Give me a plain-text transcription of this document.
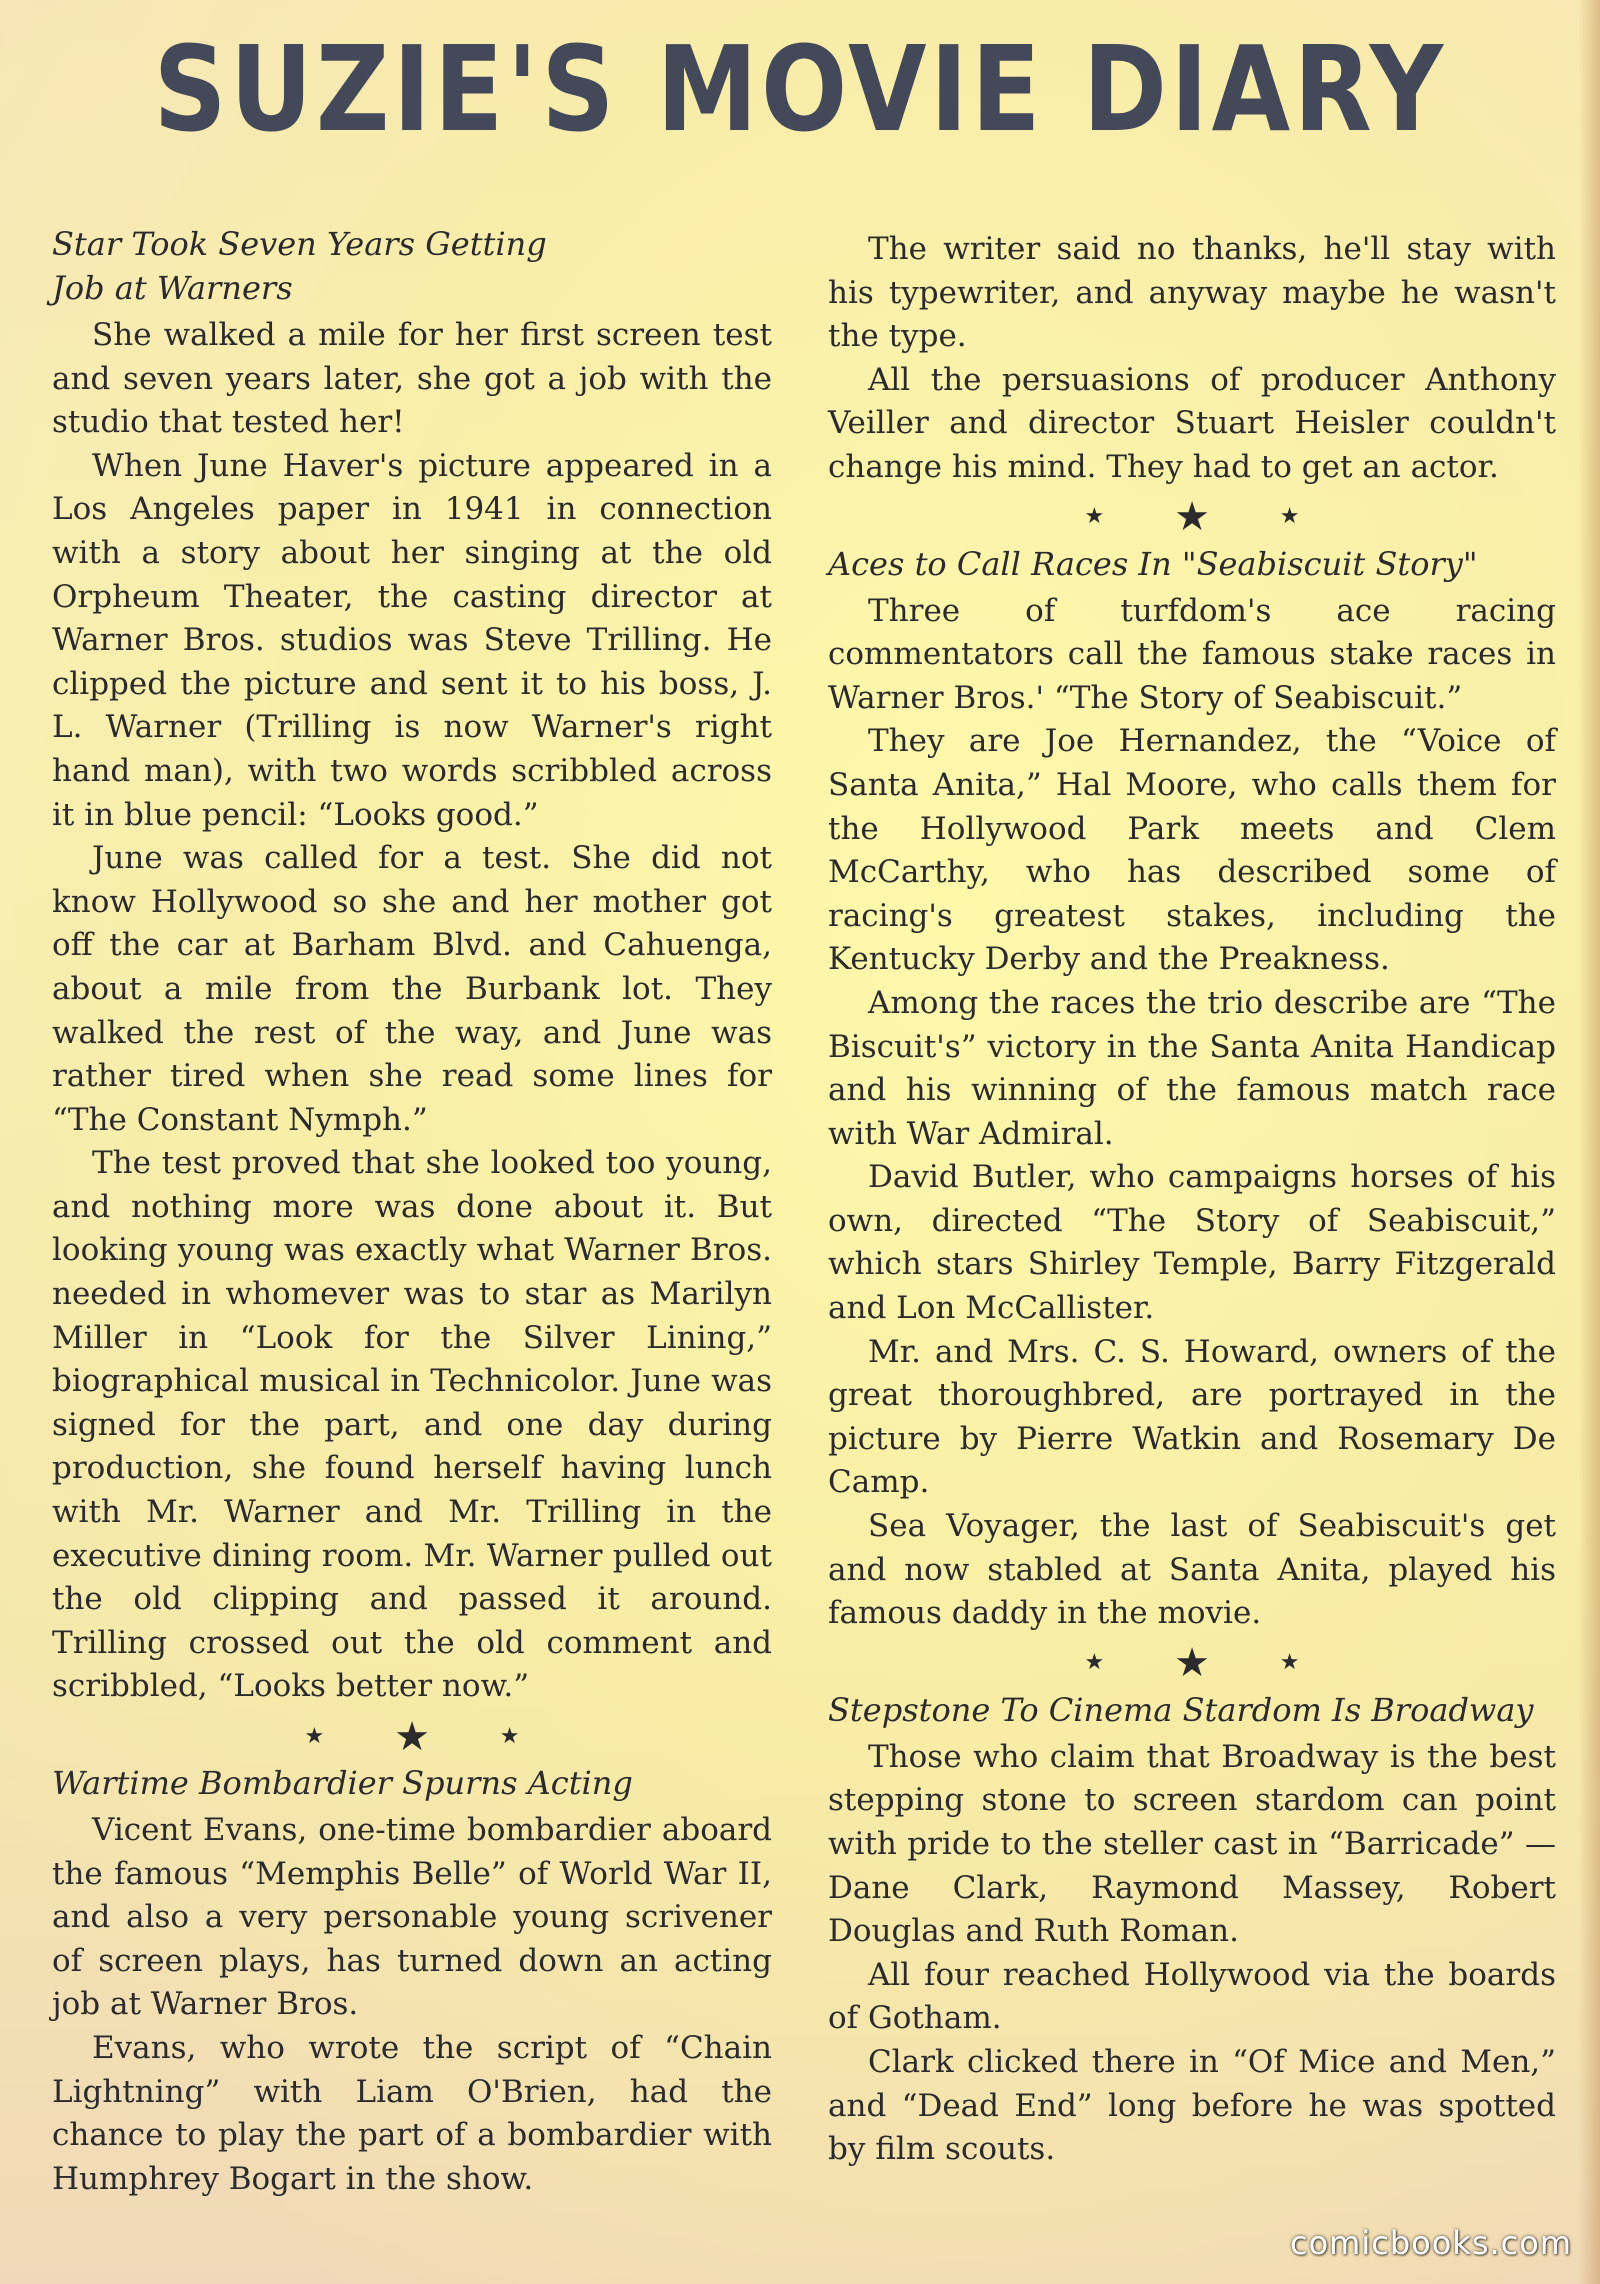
SUZIE'S MOVIE DIARY

Star Took Seven Years Getting

Job at Warners

She walked a mile for her first screen test and seven years later, she got a job with the studio that tested her!

When June Haver's picture appeared in a Los Angeles paper in 1941 in connection with a story about her singing at the old Orpheum Theater, the casting director at Warner Bros. studios was Steve Trilling. He clipped the picture and sent it to his boss, J. L. Warner (Trilling is now Warner's right hand man), with two words scribbled across it in blue pencil: “Looks good.”

June was called for a test. She did not know Hollywood so she and her mother got off the car at Barham Blvd. and Cahuenga, about a mile from the Burbank lot. They walked the rest of the way, and June was rather tired when she read some lines for “The Constant Nymph.”

The test proved that she looked too young, and nothing more was done about it. But looking young was exactly what Warner Bros. needed in whomever was to star as Marilyn Miller in “Look for the Silver Lining,” biographical musical in Technicolor. June was signed for the part, and one day during production, she found herself having lunch with Mr. Warner and Mr. Trilling in the executive dining room. Mr. Warner pulled out the old clipping and passed it around. Trilling crossed out the old comment and scribbled, “Looks better now.”

★ ★	★

Wartime Bombardier Spurns Acting

Vicent Evans, one-time bombardier aboard the famous “Memphis Belle” of World War II, and also a very personable young scrivener of screen plays, has turned down an acting job at Warner Bros.

Evans, who wrote the script of “Chain Lightning” with Liam O'Brien, had the chance to play the part of a bombardier with Humphrey Bogart in the show.

The writer said no thanks, he'll stay with his typewriter, and anyway maybe he wasn't the type.

All the persuasions of producer Anthony Veiller and director Stuart Heisler couldn't change his mind. They had to get an actor.

★ ★	★

Aces to Call Races In "Seabiscuit Story"

Three of turfdom's ace racing commentators call the famous stake races in Warner Bros.' “The Story of Seabiscuit.”

They are Joe Hernandez, the “Voice of Santa Anita,” Hal Moore, who calls them for the Hollywood Park meets and Clem McCarthy, who has described some of racing's greatest stakes, including the Kentucky Derby and the Preakness.

Among the races the trio describe are “The Biscuit's” victory in the Santa Anita Handicap and his winning of the famous match race with War Admiral.

David Butler, who campaigns horses of his own, directed “The Story of Seabiscuit,” which stars Shirley Temple, Barry Fitzgerald and Lon McCallister.

Mr. and Mrs. C. S. Howard, owners of the great thoroughbred, are portrayed in the picture by Pierre Watkin and Rosemary De Camp.

Sea Voyager, the last of Seabiscuit's get and now stabled at Santa Anita, played his famous daddy in the movie.

★ ★	★

Stepstone To Cinema Stardom Is Broadway

Those who claim that Broadway is the best stepping stone to screen stardom can point with pride to the steller cast in “Barricade” — Dane Clark, Raymond Massey, Robert Douglas and Ruth Roman.

All four reached Hollywood via the boards of Gotham.

Clark clicked there in “Of Mice and Men,” and “Dead End” long before he was spotted by film scouts.

comicbooks.com
